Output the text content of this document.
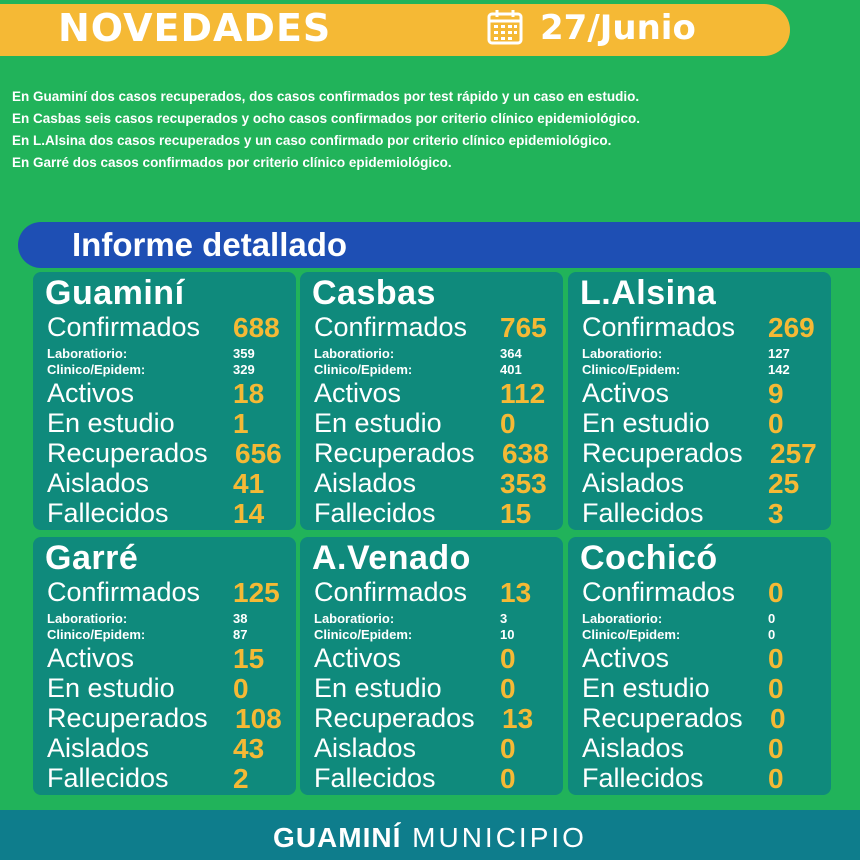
NOVEDADES	27/Junio

En Guaminí dos casos recuperados, dos casos confirmados por test rápido y un caso en estudio.

En Casbas seis casos recuperados y ocho casos confirmados por criterio clínico epidemiológico.

En L.Alsina dos casos recuperados y un caso confirmado por criterio clínico epidemiológico.

En Garré dos casos confirmados por criterio clínico epidemiológico.

Informe detallado
Guaminí
Confirmados 688
Laboratiorio:	359
Clinico/Epidem:	329
Activos	18
En estudio 1
Recuperados 656
Aislados	41
Fallecidos 14
Casbas
Confirmados 765
Laboratiorio:	364
Clinico/Epidem:	401
Activos	112
En estudio 0
Recuperados 638
Aislados	353
Fallecidos 15
L.Alsina
Confirmados 269
Laboratiorio:	127
Clinico/Epidem:	142
Activos	9
En estudio 0
Recuperados 257
Aislados	25
Fallecidos 3
Garré
Confirmados 125
Laboratiorio:	38
Clinico/Epidem:	87
Activos	15
En estudio 0
Recuperados 108
Aislados	43
Fallecidos 2
A.Venado
Confirmados 13
Laboratiorio:	3
Clinico/Epidem:	10
Activos	0
En estudio 0
Recuperados 13
Aislados	0
Fallecidos 0
Cochicó
Confirmados 0
Laboratiorio:	0
Clinico/Epidem:	0
Activos	0
En estudio 0
Recuperados 0
Aislados	0
Fallecidos 0
GUAMINÍ MUNICIPIO
